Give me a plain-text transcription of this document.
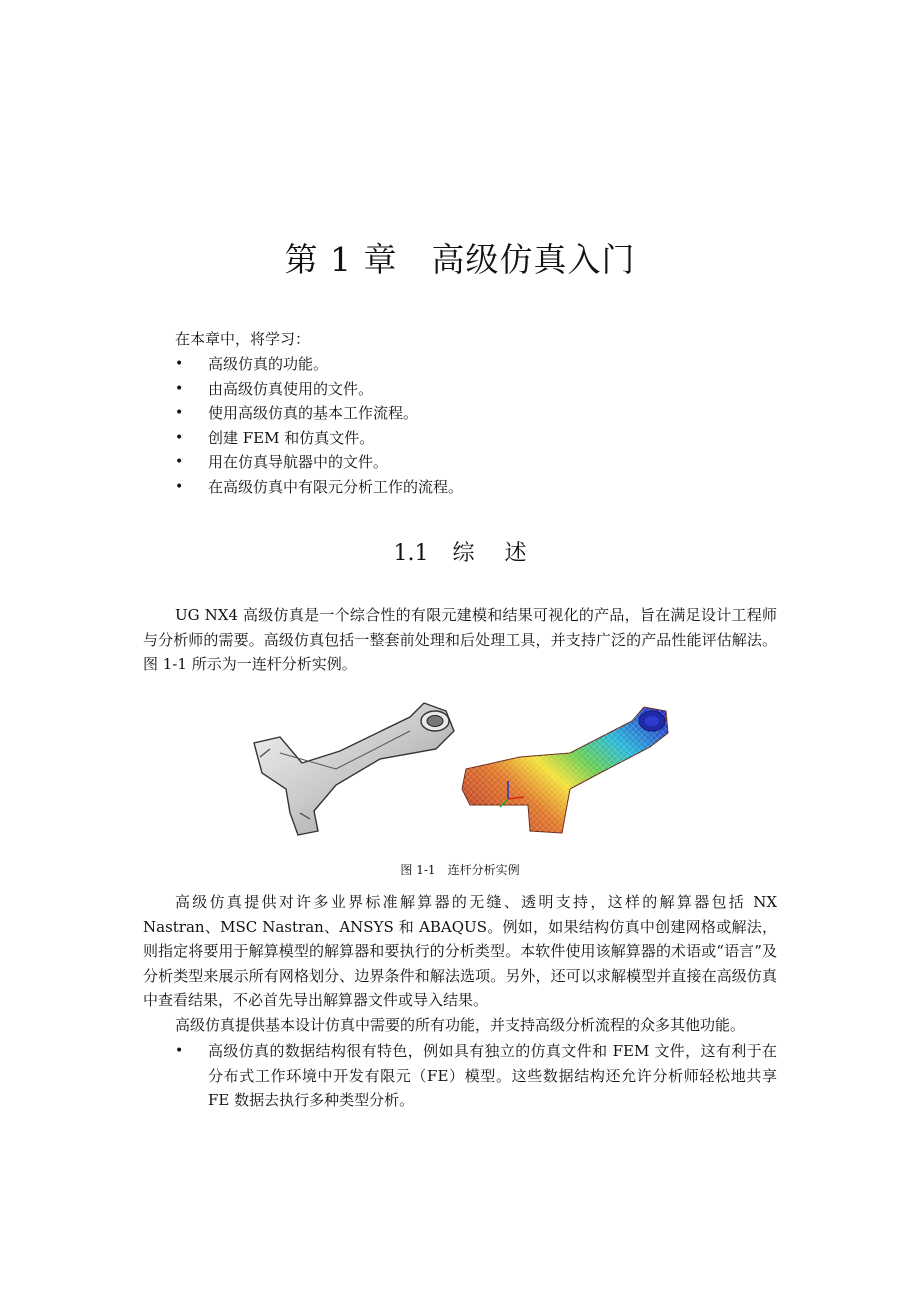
第 1 章　高级仿真入门

在本章中，将学习：

• 高级仿真的功能。
• 由高级仿真使用的文件。
• 使用高级仿真的基本工作流程。
• 创建 FEM 和仿真文件。
• 用在仿真导航器中的文件。
• 在高级仿真中有限元分析工作的流程。
1.1 综 述

UG NX4 高级仿真是一个综合性的有限元建模和结果可视化的产品，旨在满足设计工程师与分析师的需要。高级仿真包括一整套前处理和后处理工具，并支持广泛的产品性能评估解法。图 1-1 所示为一连杆分析实例。

图 1-1 连杆分析实例

高级仿真提供对许多业界标准解算器的无缝、透明支持，这样的解算器包括 NX Nastran、MSC Nastran、ANSYS 和 ABAQUS。例如，如果结构仿真中创建网格或解法，则指定将要用于解算模型的解算器和要执行的分析类型。本软件使用该解算器的术语或“语言”及分析类型来展示所有网格划分、边界条件和解法选项。另外，还可以求解模型并直接在高级仿真中查看结果，不必首先导出解算器文件或导入结果。

高级仿真提供基本设计仿真中需要的所有功能，并支持高级分析流程的众多其他功能。

• 高级仿真的数据结构很有特色，例如具有独立的仿真文件和 FEM 文件，这有利于在分布式工作环境中开发有限元（FE）模型。这些数据结构还允许分析师轻松地共享 FE 数据去执行多种类型分析。
